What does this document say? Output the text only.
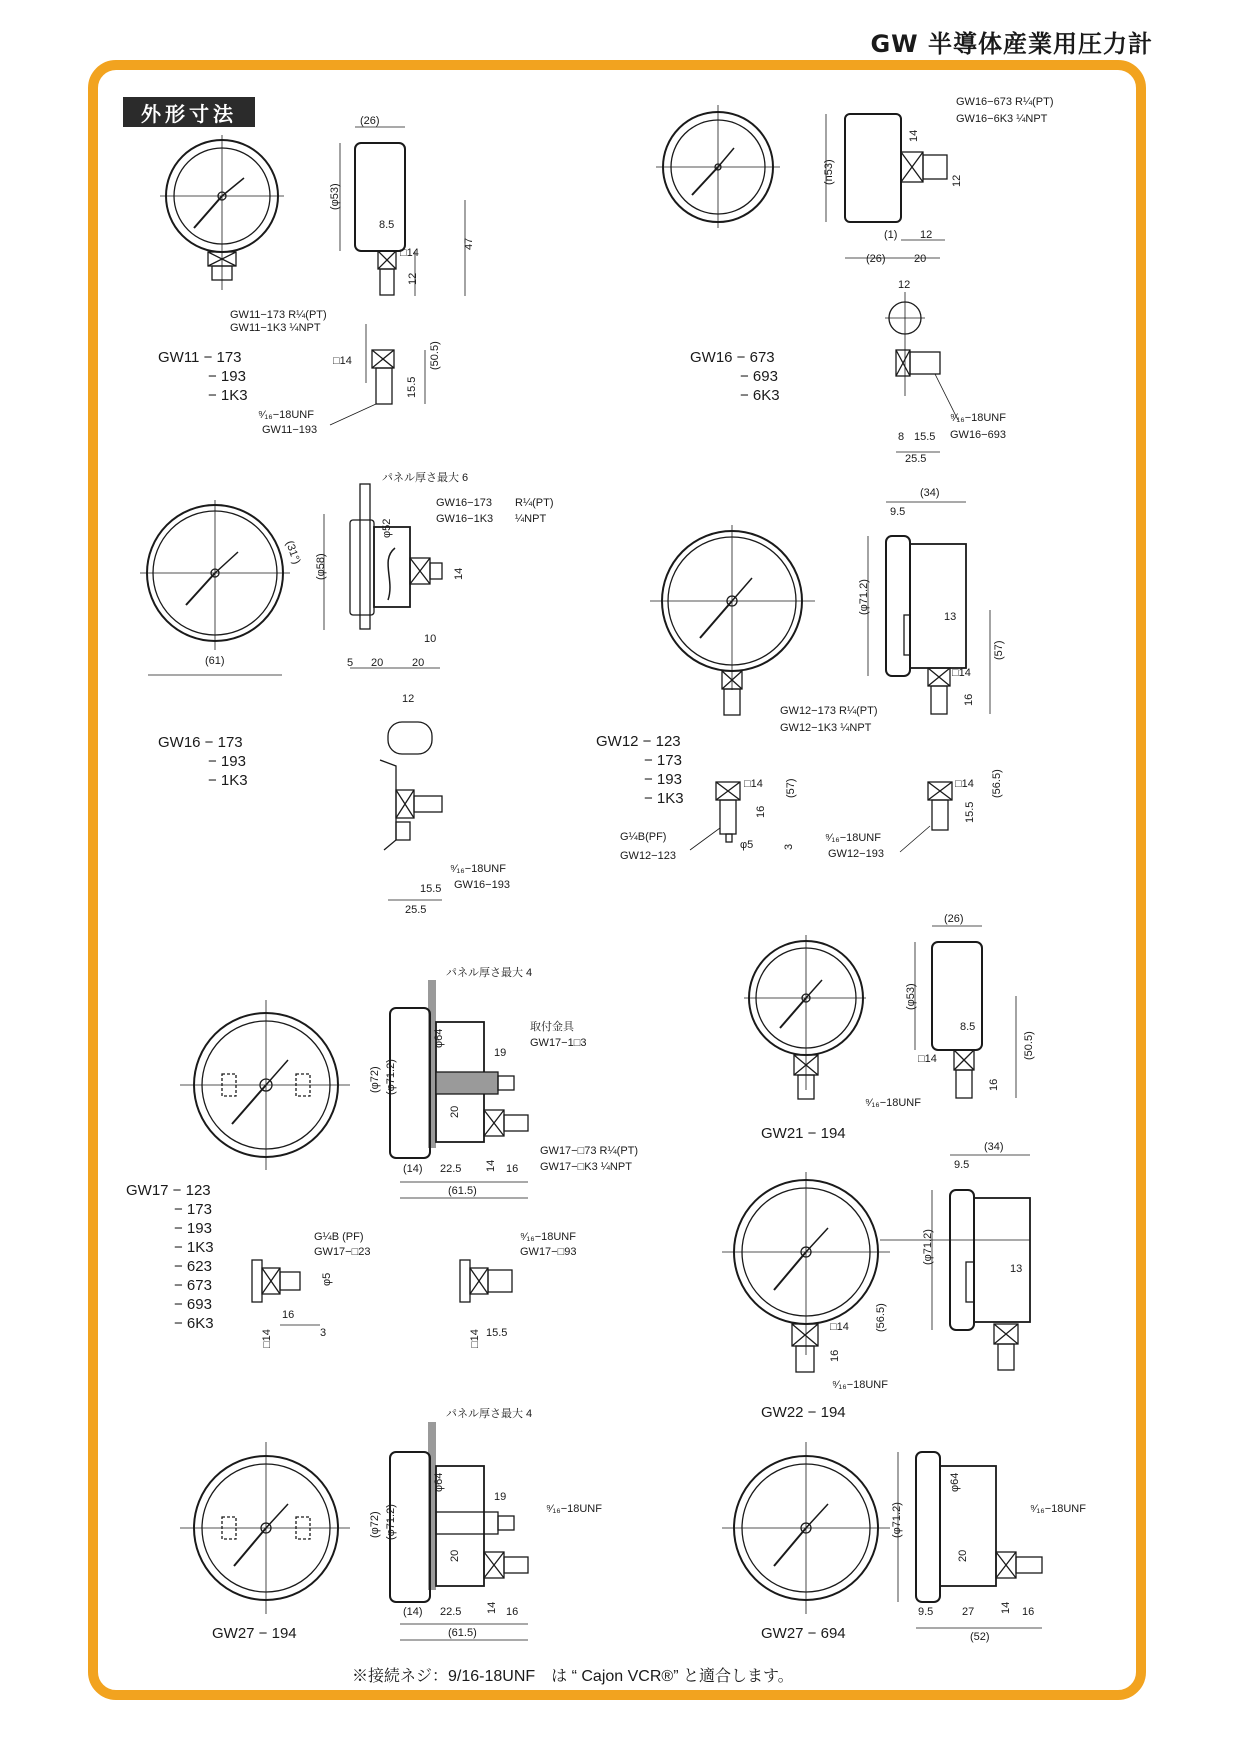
GW 半導体産業用圧力計
外形寸法	(26)
(φ53)
8.5
□14
47
12
(50.5)
□14
15.5
GW11−173 R¼(PT)
GW11−1K3 ¼NPT
⁹⁄₁₆−18UNF
GW11−193
GW11 − 173
− 193
− 1K3
GW16−673 R¼(PT)
GW16−6K3 ¼NPT
(n53)
14
12
(1) 12
(26)	20
12
⁹⁄₁₆−18UNF
GW16−693
8 15.5
25.5
GW16 − 673
− 693
− 6K3
パネル厚さ最大 6
GW16−173 R¼(PT)
GW16−1K3 ¼NPT
(31°)
(61)
(φ58)
φ52
14
10
5 20	20
12
⁹⁄₁₆−18UNF
GW16−193
15.5
25.5
GW16 − 173
− 193
− 1K3
(34)
9.5
(φ71.2)
13
(57)
□14
16
GW12−173 R¼(PT)
GW12−1K3 ¼NPT
□14 (57)
16
φ5	3
G¼B(PF)
GW12−123
□14 (56.5)
15.5
⁹⁄₁₆−18UNF
GW12−193
GW12 − 123
− 173
− 193
− 1K3
パネル厚さ最大 4
取付金具
GW17−1□3
(φ72) (φ71.2)
φ64
19
20
GW17−□73 R¼(PT)
GW17−□K3 ¼NPT
(14) 22.5 14 16
(61.5)
G¼B (PF)
GW17−□23
φ5
16
3
□14
⁹⁄₁₆−18UNF
GW17−□93
□14 15.5
GW17 − 123
− 173
− 193
− 1K3
− 623
− 673
− 693
− 6K3
(26)
(φ53)
8.5
□14	(50.5)
16
⁹⁄₁₆−18UNF
GW21 − 194
(34)
9.5
(φ71.2)
13
(56.5)
□14
16
⁹⁄₁₆−18UNF
GW22 − 194
パネル厚さ最大 4
(φ72) (φ71.2)
φ64
19
⁹⁄₁₆−18UNF
20
(14) 22.5 14 16
(61.5)
GW27 − 194
(φ71.2)
φ64
⁹⁄₁₆−18UNF
20
9.5	27 14 16
(52)
GW27 − 694
※接続ネジ：9/16-18UNF　は “ Cajon VCR®” と適合します。
